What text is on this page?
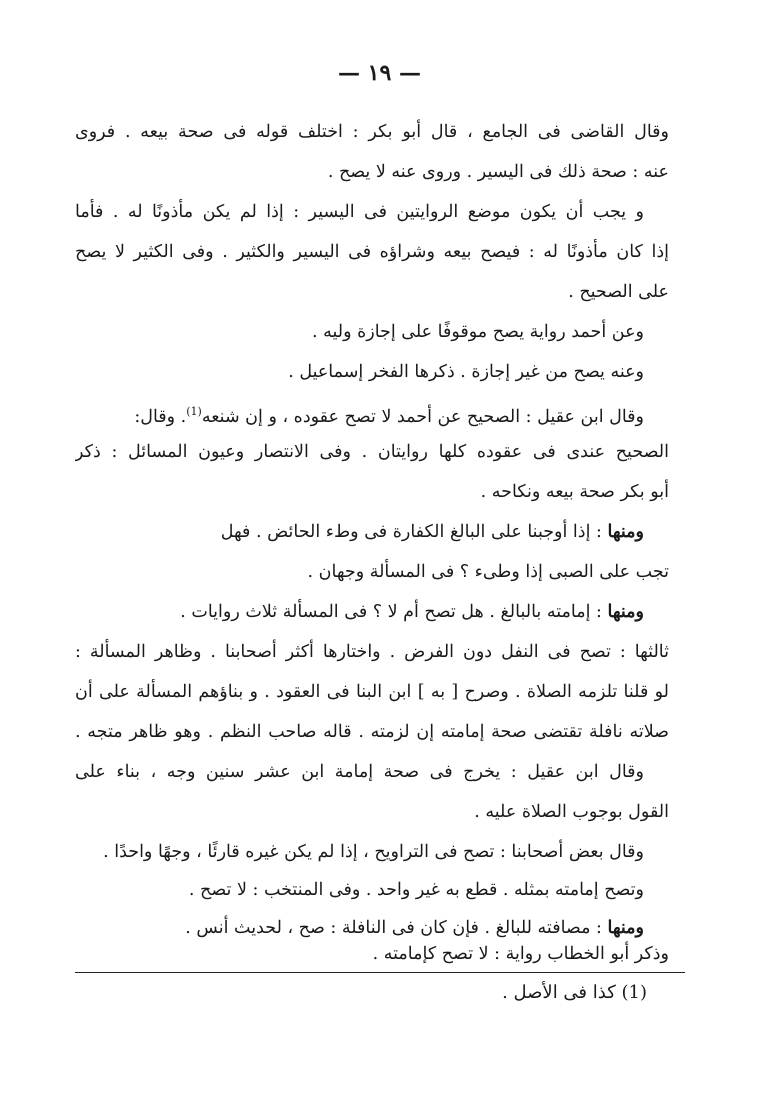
— ١٩ —
وقال القاضى فى الجامع ، قال أبو بكر : اختلف قوله فى صحة بيعه . فروى
عنه : صحة ذلك فى اليسير . وروى عنه لا يصح .
و يجب أن يكون موضع الروايتين فى اليسير : إذا لم يكن مأذونًا له . فأما
إذا كان مأذونًا له : فيصح بيعه وشراؤه فى اليسير والكثير . وفى الكثير لا يصح
على الصحيح .
وعن أحمد رواية يصح موقوفًا على إجازة وليه .
وعنه يصح من غير إجازة . ذكرها الفخر إسماعيل .
وقال ابن عقيل : الصحيح عن أحمد لا تصح عقوده ، و إن شنعه$^{(1)}$. وقال:
الصحيح عندى فى عقوده كلها روايتان . وفى الانتصار وعيون المسائل : ذكر
أبو بكر صحة بيعه ونكاحه .
ومنها : إذا أوجبنا على البالغ الكفارة فى وطء الحائض . فهل
تجب على الصبى إذا وطىء ؟ فى المسألة وجهان .
ومنها : إمامته بالبالغ . هل تصح أم لا ؟ فى المسألة ثلاث روايات .
ثالثها : تصح فى النفل دون الفرض . واختارها أكثر أصحابنا . وظاهر المسألة :
لو قلنا تلزمه الصلاة . وصرح [ به ] ابن البنا فى العقود . و بناؤهم المسألة على أن
صلاته نافلة تقتضى صحة إمامته إن لزمته . قاله صاحب النظم . وهو ظاهر متجه .
وقال ابن عقيل : يخرج فى صحة إمامة ابن عشر سنين وجه ، بناء على
القول بوجوب الصلاة عليه .
وقال بعض أصحابنا : تصح فى التراويح ، إذا لم يكن غيره قارئًا ، وجهًا واحدًا .
وتصح إمامته بمثله . قطع به غير واحد . وفى المنتخب : لا تصح .
ومنها : مصافته للبالغ . فإن كان فى النافلة : صح ، لحديث أنس .
وذكر أبو الخطاب رواية : لا تصح كإمامته .
(1) كذا فى الأصل .
